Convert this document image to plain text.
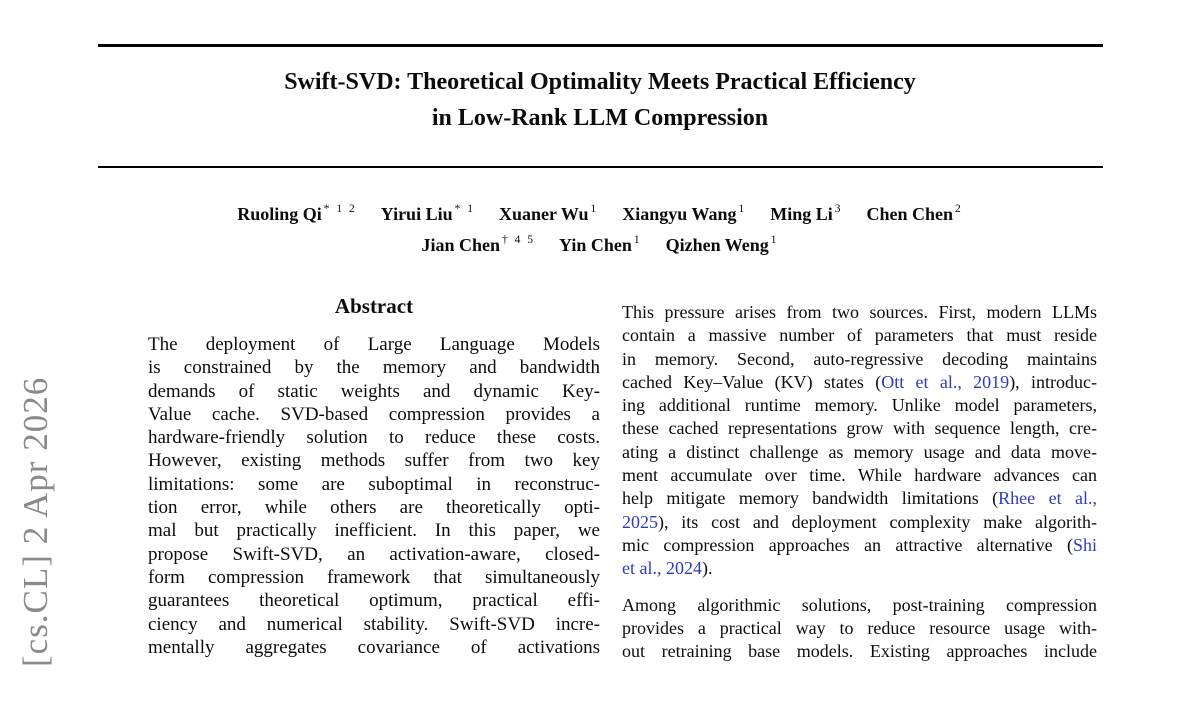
[cs.CL] 2 Apr 2026
Swift-SVD: Theoretical Optimality Meets Practical Efficiency
in Low-Rank LLM Compression
Ruoling Qi $^{* 1 2}$ Yirui Liu $^{* 1}$ Xuaner Wu $^1$ Xiangyu Wang $^1$ Ming Li $^3$ Chen Chen $^2$
Jian Chen $^{\dagger 4 5}$ Yin Chen $^1$ Qizhen Weng $^1$
Abstract
The deployment of Large Language Models
is constrained by the memory and bandwidth
demands of static weights and dynamic Key-
Value cache. SVD-based compression provides a
hardware-friendly solution to reduce these costs.
However, existing methods suffer from two key
limitations: some are suboptimal in reconstruc-
tion error, while others are theoretically opti-
mal but practically inefficient. In this paper, we
propose Swift-SVD, an activation-aware, closed-
form compression framework that simultaneously
guarantees theoretical optimum, practical effi-
ciency and numerical stability. Swift-SVD incre-
mentally aggregates covariance of activations
This pressure arises from two sources. First, modern LLMs
contain a massive number of parameters that must reside
in memory. Second, auto-regressive decoding maintains
cached Key–Value (KV) states (Ott et al., 2019), introduc-
ing additional runtime memory. Unlike model parameters,
these cached representations grow with sequence length, cre-
ating a distinct challenge as memory usage and data move-
ment accumulate over time. While hardware advances can
help mitigate memory bandwidth limitations (Rhee et al.,
2025), its cost and deployment complexity make algorith-
mic compression approaches an attractive alternative (Shi
et al., 2024).
Among algorithmic solutions, post-training compression
provides a practical way to reduce resource usage with-
out retraining base models. Existing approaches include
